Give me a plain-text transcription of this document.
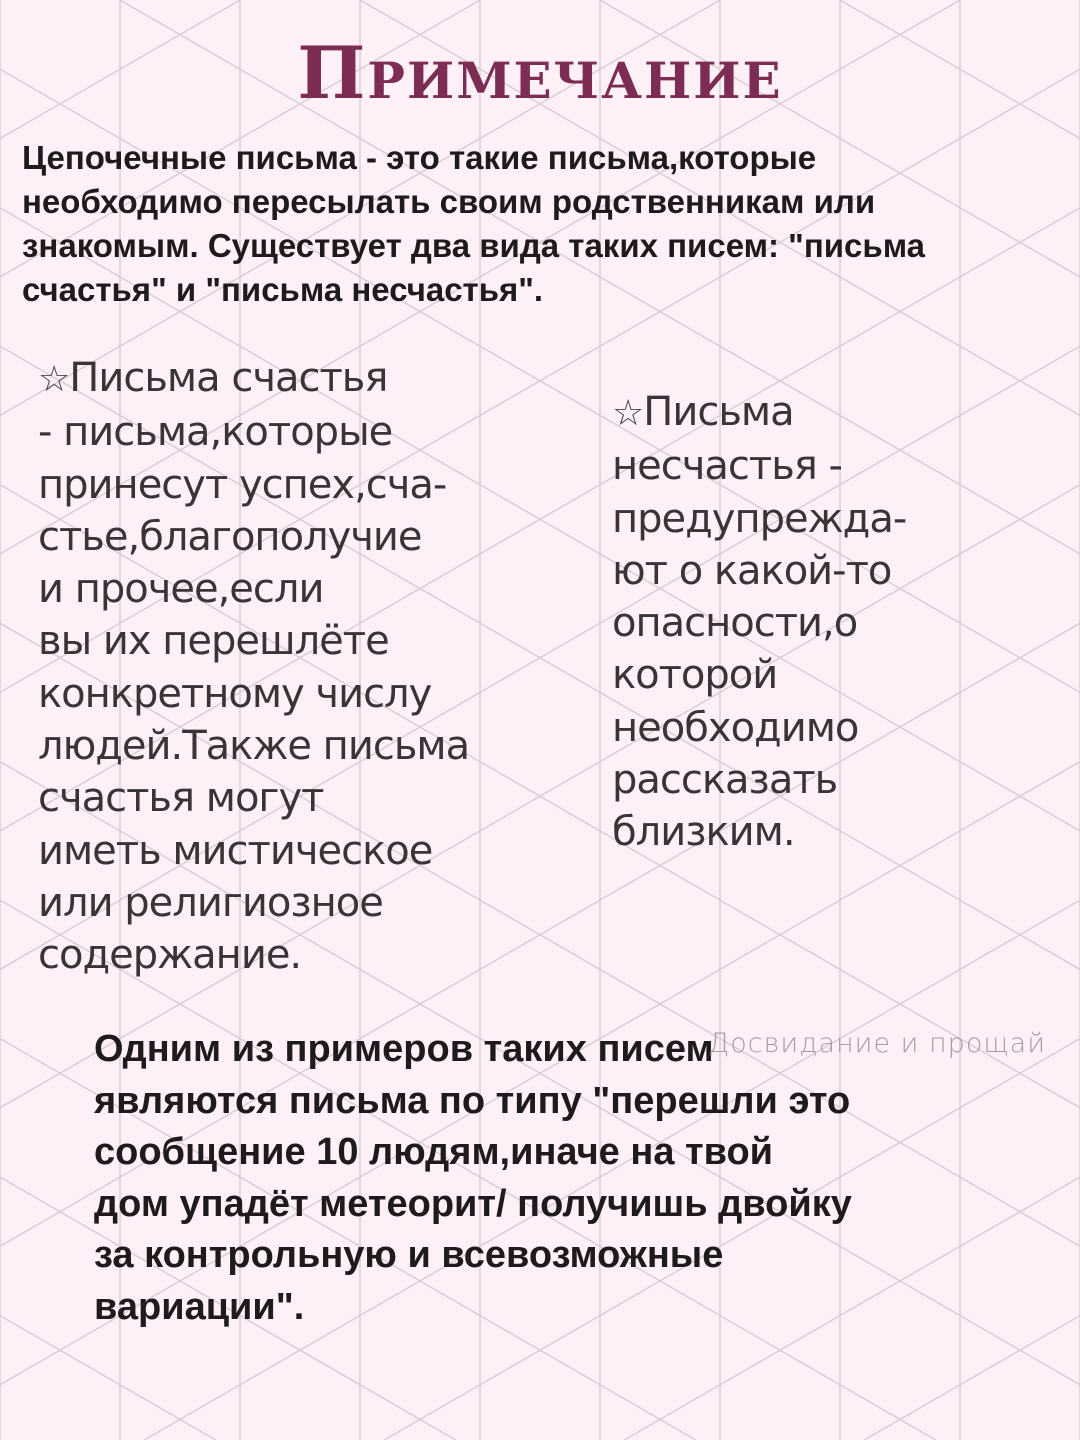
Примечание
Цепочечные письма - это такие письма,которые
необходимо пересылать своим родственникам или
знакомым. Существует два вида таких писем: "письма
счастья" и "письма несчастья".
☆Письма счастья
- письма,которые
принесут успех,сча-
стье,благополучие
и прочее,если
вы их перешлёте
конкретному числу
людей.Также письма
счастья могут
иметь мистическое
или религиозное
содержание.
☆Письма
несчастья -
предупрежда-
ют о какой-то
опасности,о
которой
необходимо
рассказать
близким.
Одним из примеров таких писем
являются письма по типу "перешли это
сообщение 10 людям,иначе на твой
дом упадёт метеорит/ получишь двойку
за контрольную и всевозможные
вариации".
Досвидание и прощай
